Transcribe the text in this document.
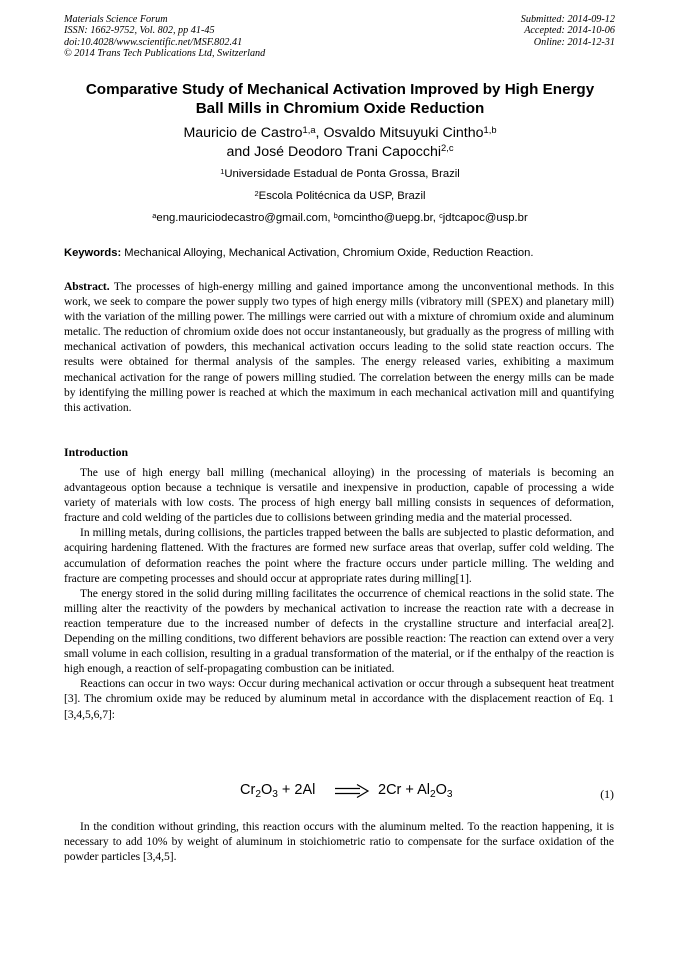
Materials Science Forum
ISSN: 1662-9752, Vol. 802, pp 41-45
doi:10.4028/www.scientific.net/MSF.802.41
© 2014 Trans Tech Publications Ltd, Switzerland
Submitted: 2014-09-12
Accepted: 2014-10-06
Online: 2014-12-31
Comparative Study of Mechanical Activation Improved by High Energy
Ball Mills in Chromium Oxide Reduction
Mauricio de Castro$^{1,a}$, Osvaldo Mitsuyuki Cintho$^{1,b}$
and José Deodoro Trani Capocchi$^{2,c}$
$^1$Universidade Estadual de Ponta Grossa, Brazil
$^2$Escola Politécnica da USP, Brazil
$^a$eng.mauriciodecastro@gmail.com, $^b$omcintho@uepg.br, $^c$jdtcapoc@usp.br
Keywords: Mechanical Alloying, Mechanical Activation, Chromium Oxide, Reduction Reaction.

Abstract. The processes of high-energy milling and gained importance among the unconventional methods. In this work, we seek to compare the power supply two types of high energy mills (vibratory mill (SPEX) and planetary mill) with the variation of the milling power. The millings were carried out with a mixture of chromium oxide and aluminum metalic. The reduction of chromium oxide does not occur instantaneously, but gradually as the progress of milling with mechanical activation of powders, this mechanical activation occurs leading to the solid state reaction occurs. The results were obtained for thermal analysis of the samples. The energy released varies, exhibiting a maximum mechanical activation for the range of powers milling studied. The correlation between the energy mills can be made by identifying the milling power is reached at which the maximum in each mechanical activation mill and quantifying this activation.

Introduction

The use of high energy ball milling (mechanical alloying) in the processing of materials is becoming an advantageous option because a technique is versatile and inexpensive in production, capable of processing a wide variety of materials with low costs. The process of high energy ball milling consists in sequences of deformation, fracture and cold welding of the particles due to collisions between grinding media and the material processed.

In milling metals, during collisions, the particles trapped between the balls are subjected to plastic deformation, and acquiring hardening flattened. With the fractures are formed new surface areas that overlap, suffer cold welding. The accumulation of deformation reaches the point where the fracture occurs under particle milling. The welding and fracture are competing processes and should occur at appropriate rates during milling[1].

The energy stored in the solid during milling facilitates the occurrence of chemical reactions in the solid state. The milling alter the reactivity of the powders by mechanical activation to increase the reaction rate with a decrease in reaction temperature due to the increased number of defects in the crystalline structure and interfacial area[2]. Depending on the milling conditions, two different behaviors are possible reaction: The reaction can extend over a very small volume in each collision, resulting in a gradual transformation of the material, or if the enthalpy of the reaction is high enough, a reaction of self-propagating combustion can be initiated.

Reactions can occur in two ways: Occur during mechanical activation or occur through a subsequent heat treatment [3]. The chromium oxide may be reduced by aluminum metal in accordance with the displacement reaction of Eq. 1 [3,4,5,6,7]:

$Cr_2O_3 + 2Al$	$2Cr + Al_2O_3$	(1)

In the condition without grinding, this reaction occurs with the aluminum melted. To the reaction happening, it is necessary to add 10% by weight of aluminum in stoichiometric ratio to compensate for the surface oxidation of the powder particles [3,4,5].
